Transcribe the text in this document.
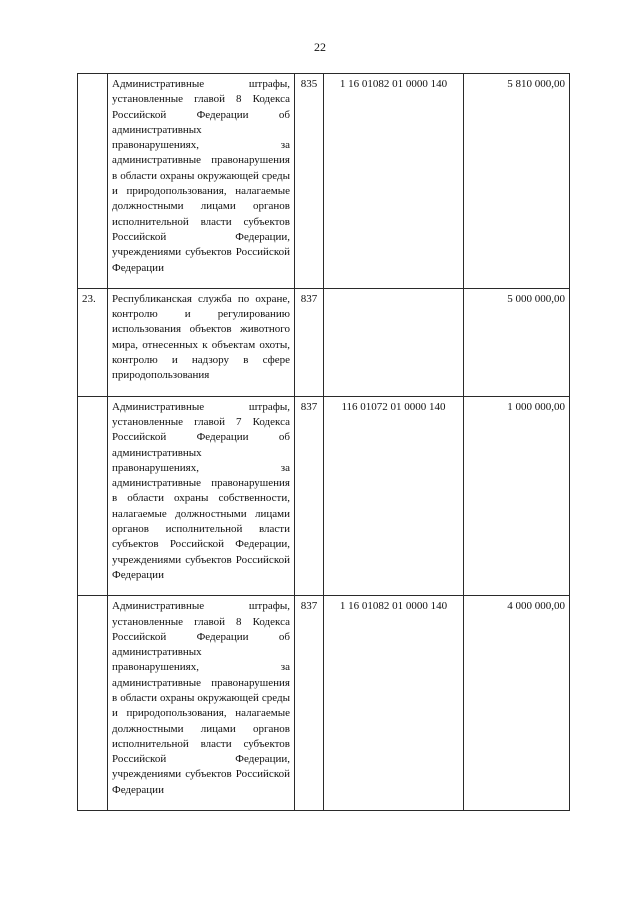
22
	Административные штрафы, установленные главой 8 Кодекса Российской Федерации об административных правонарушениях, за административные правонарушения в области охраны окружающей среды и природопользования, налагаемые должностными лицами органов исполнительной власти субъектов Российской Федерации, учреждениями субъектов Российской Федерации	835	1 16 01082 01 0000 140	5 810 000,00
23.	Республиканская служба по охране, контролю и регулированию использования объектов животного мира, отнесенных к объектам охоты, контролю и надзору в сфере природопользования	837		5 000 000,00
	Административные штрафы, установленные главой 7 Кодекса Российской Федерации об административных правонарушениях, за административные правонарушения в области охраны собственности, налагаемые должностными лицами органов исполнительной власти субъектов Российской Федерации, учреждениями субъектов Российской Федерации	837	116 01072 01 0000 140	1 000 000,00
	Административные штрафы, установленные главой 8 Кодекса Российской Федерации об административных правонарушениях, за административные правонарушения в области охраны окружающей среды и природопользования, налагаемые должностными лицами органов исполнительной власти субъектов Российской Федерации, учреждениями субъектов Российской Федерации	837	1 16 01082 01 0000 140	4 000 000,00
